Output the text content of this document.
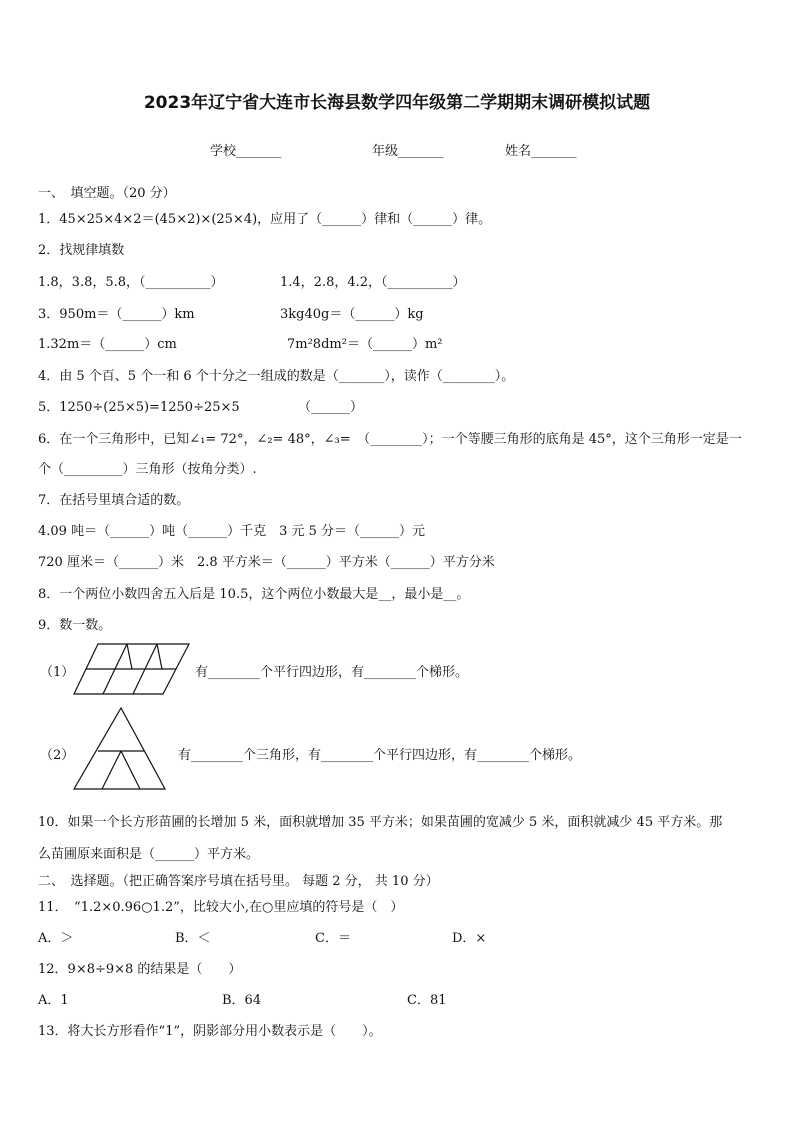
2023年辽宁省大连市长海县数学四年级第二学期期末调研模拟试题
学校_______	年级_______	姓名_______
一、　填空题。（20 分）
1．45×25×4×2＝(45×2)×(25×4)，应用了（______）律和（______）律。
2．找规律填数
1.8，3.8，5.8，（__________）	1.4，2.8，4.2，（__________）
3．950m＝（______）km	3kg40g＝（______）kg
1.32m＝（______）cm	7m²8dm²＝（______）m²
4．由 5 个百、5 个一和 6 个十分之一组成的数是（_______），读作（________）。
5．1250÷(25×5)=1250÷25×5	（______）
6．在一个三角形中，已知∠₁= 72°，∠₂= 48°，∠₃=　（________）；一个等腰三角形的底角是 45°，这个三角形一定是一
个（_________）三角形（按角分类）.
7．在括号里填合适的数。
4.09 吨＝（______）吨（______）千克　3 元 5 分＝（______）元
720 厘米＝（______）米　2.8 平方米＝（______）平方米（______）平方分米
8．一个两位小数四舍五入后是 10.5，这个两位小数最大是__，最小是__。
9．数一数。
（1）	有________个平行四边形，有________个梯形。
（2）	有________个三角形，有________个平行四边形，有________个梯形。
10．如果一个长方形苗圃的长增加 5 米，面积就增加 35 平方米；如果苗圃的宽减少 5 米，面积就减少 45 平方米。那
么苗圃原来面积是（______）平方米。
二、　选择题。（把正确答案序号填在括号里。 每题 2 分， 共 10 分）
11．　“1.2×0.96○1.2”，比较大小,在○里应填的符号是（　）
A．＞	B．＜	C．＝	D．×
12．9×8÷9×8 的结果是（　　）
A．1	B．64	C．81
13．将大长方形看作“1”，阴影部分用小数表示是（　　）。
